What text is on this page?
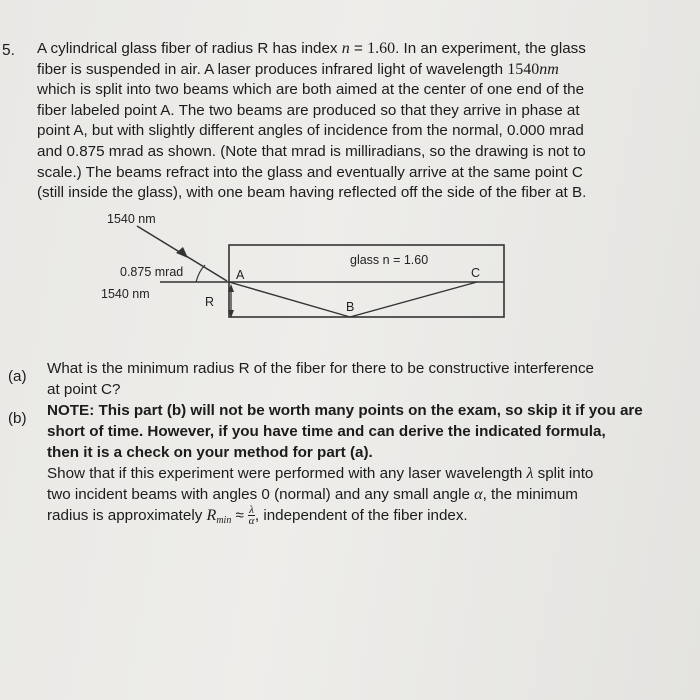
5. A cylindrical glass fiber of radius R has index n = 1.60. In an experiment, the glass
fiber is suspended in air. A laser produces infrared light of wavelength 1540nm
which is split into two beams which are both aimed at the center of one end of the
fiber labeled point A. The two beams are produced so that they arrive in phase at
point A, but with slightly different angles of incidence from the normal, 0.000 mrad
and 0.875 mrad as shown. (Note that mrad is milliradians, so the drawing is not to
scale.) The beams refract into the glass and eventually arrive at the same point C
(still inside the glass), with one beam having reflected off the side of the fiber at B.
1540 nm
0.875 mrad
1540 nm
glass n = 1.60
A
B
C
R
(a) What is the minimum radius R of the fiber for there to be constructive interference
at point C?
(b) NOTE: This part (b) will not be worth many points on the exam, so skip it if you are
short of time. However, if you have time and can derive the indicated formula,
then it is a check on your method for part (a).
Show that if this experiment were performed with any laser wavelength λ split into
two incident beams with angles 0 (normal) and any small angle α, the minimum
radius is approximately $R_{min} \approx \frac{\lambda}{\alpha}$ , independent of the fiber index.
